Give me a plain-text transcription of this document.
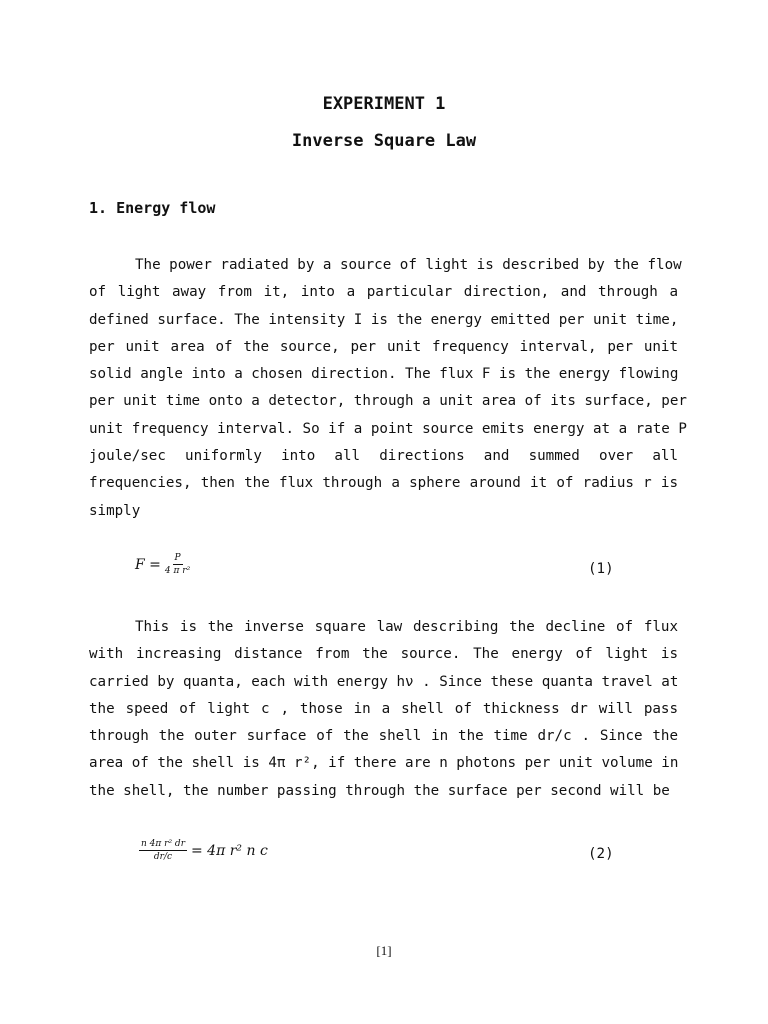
EXPERIMENT 1
Inverse Square Law
1. Energy flow
The power radiated by a source of light is described by the flow
of light away from it, into a particular direction, and through a
defined surface. The intensity I is the energy emitted per unit time,
per unit area of the source, per unit frequency interval, per unit
solid angle into a chosen direction. The flux F is the energy flowing
per unit time onto a detector, through a unit area of its surface, per
unit frequency interval. So if a point source emits energy at a rate P
joule/sec uniformly into all directions and summed over all
frequencies, then the flux through a sphere around it of radius r is
simply
$F = \frac{P}{\text{4 π r²}}$	(1)
This is the inverse square law describing the decline of flux
with increasing distance from the source. The energy of light is
carried by quanta, each with energy hν . Since these quanta travel at
the speed of light c , those in a shell of thickness dr will pass
through the outer surface of the shell in the time dr/c . Since the
area of the shell is 4π r², if there are n photons per unit volume in
the shell, the number passing through the surface per second will be
$\frac{\text{n 4π r² dr}}{dr/c} = 4\pi$ r² n c	(2)
[1]
